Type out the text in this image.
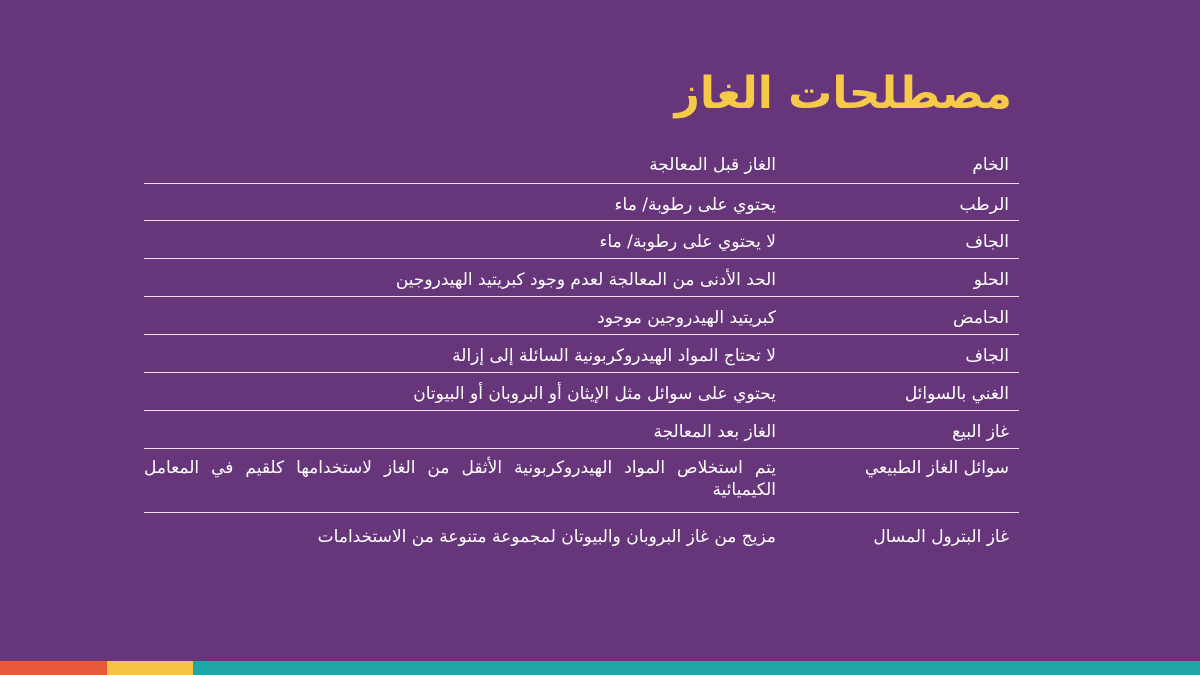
مصطلحات الغاز
الخام
الغاز قبل المعالجة
الرطب
يحتوي على رطوبة/ ماء
الجاف
لا يحتوي على رطوبة/ ماء
الحلو
الحد الأدنى من المعالجة لعدم وجود كبريتيد الهيدروجين
الحامض
كبريتيد الهيدروجين موجود
الجاف
لا تحتاج المواد الهيدروكربونية السائلة إلى إزالة
الغني بالسوائل
يحتوي على سوائل مثل الإيثان أو البروبان أو البيوتان
غاز البيع
الغاز بعد المعالجة
سوائل الغاز الطبيعي
يتم استخلاص المواد الهيدروكربونية الأثقل من الغاز لاستخدامها كلقيم في المعامل الكيميائية
غاز البترول المسال
مزيج من غاز البروبان والبيوتان لمجموعة متنوعة من الاستخدامات
